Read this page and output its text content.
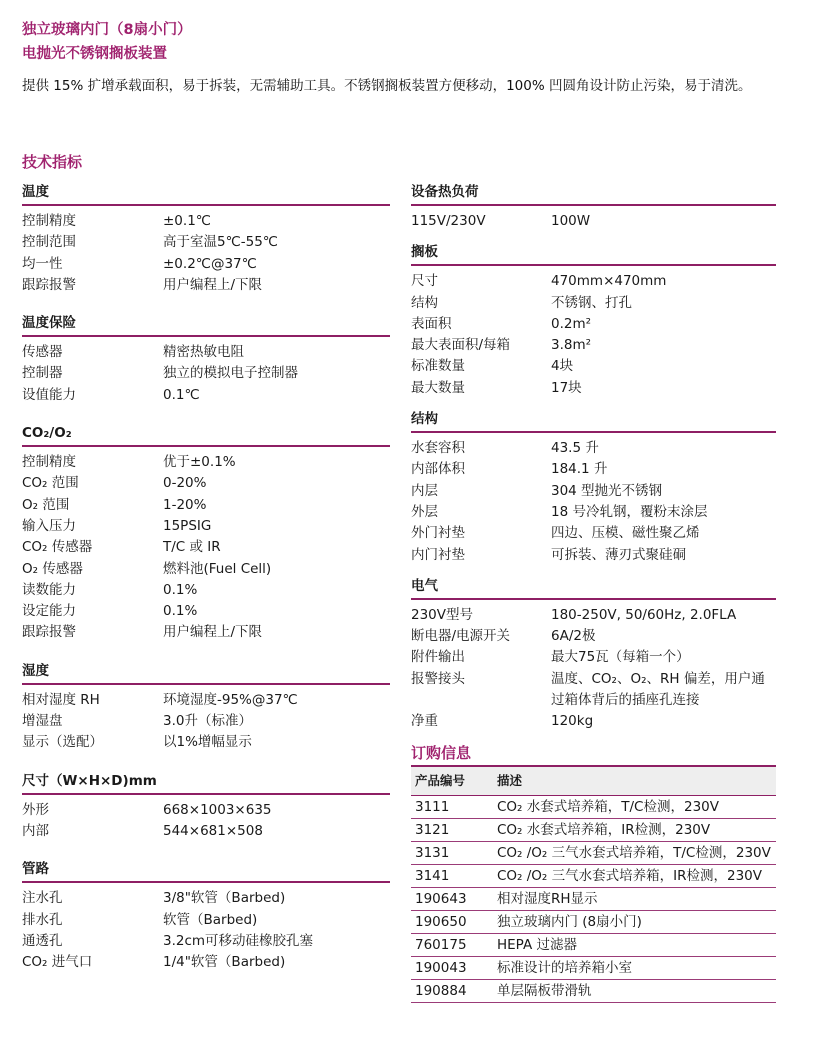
独立玻璃内门（8扇小门）
电抛光不锈钢搁板装置
提供 15% 扩增承载面积，易于拆装，无需辅助工具。不锈钢搁板装置方便移动，100% 凹圆角设计防止污染，易于清洗。
技术指标
温度
控制精度	±0.1℃
控制范围	高于室温5℃-55℃
均一性	±0.2℃@37℃
跟踪报警	用户编程上/下限
温度保险
传感器	精密热敏电阻
控制器	独立的模拟电子控制器
设值能力	0.1℃
CO₂/O₂
控制精度	优于±0.1%
CO₂ 范围	0-20%
O₂ 范围	1-20%
输入压力	15PSIG
CO₂ 传感器	T/C 或 IR
O₂ 传感器	燃料池(Fuel Cell)
读数能力	0.1%
设定能力	0.1%
跟踪报警	用户编程上/下限
湿度
相对湿度 RH	环境湿度-95%@37℃
增湿盘	3.0升（标准）
显示（选配）	以1%增幅显示
尺寸（W×H×D)mm
外形	668×1003×635
内部	544×681×508
管路
注水孔	3/8"软管（Barbed)
排水孔	软管（Barbed)
通透孔	3.2cm可移动硅橡胶孔塞
CO₂ 进气口	1/4"软管（Barbed)
设备热负荷
115V/230V	100W
搁板
尺寸	470mm×470mm
结构	不锈钢、打孔
表面积	0.2m²
最大表面积/每箱	3.8m²
标准数量	4块
最大数量	17块
结构
水套容积	43.5 升
内部体积	184.1 升
内层	304 型抛光不锈钢
外层	18 号冷轧钢，覆粉末涂层
外门衬垫	四边、压模、磁性聚乙烯
内门衬垫	可拆装、薄刃式聚硅硐
电气
230V型号	180-250V, 50/60Hz, 2.0FLA
断电器/电源开关	6A/2极
附件输出	最大75瓦（每箱一个）
报警接头	温度、CO₂、O₂、RH 偏差，用户通过箱体背后的插座孔连接
净重	120kg
订购信息
产品编号	描述
3111	CO₂ 水套式培养箱，T/C检测，230V
3121	CO₂ 水套式培养箱，IR检测，230V
3131	CO₂ /O₂ 三气水套式培养箱，T/C检测，230V
3141	CO₂ /O₂ 三气水套式培养箱，IR检测，230V
190643	相对湿度RH显示
190650	独立玻璃内门 (8扇小门)
760175	HEPA 过滤器
190043	标准设计的培养箱小室
190884	单层隔板带滑轨
